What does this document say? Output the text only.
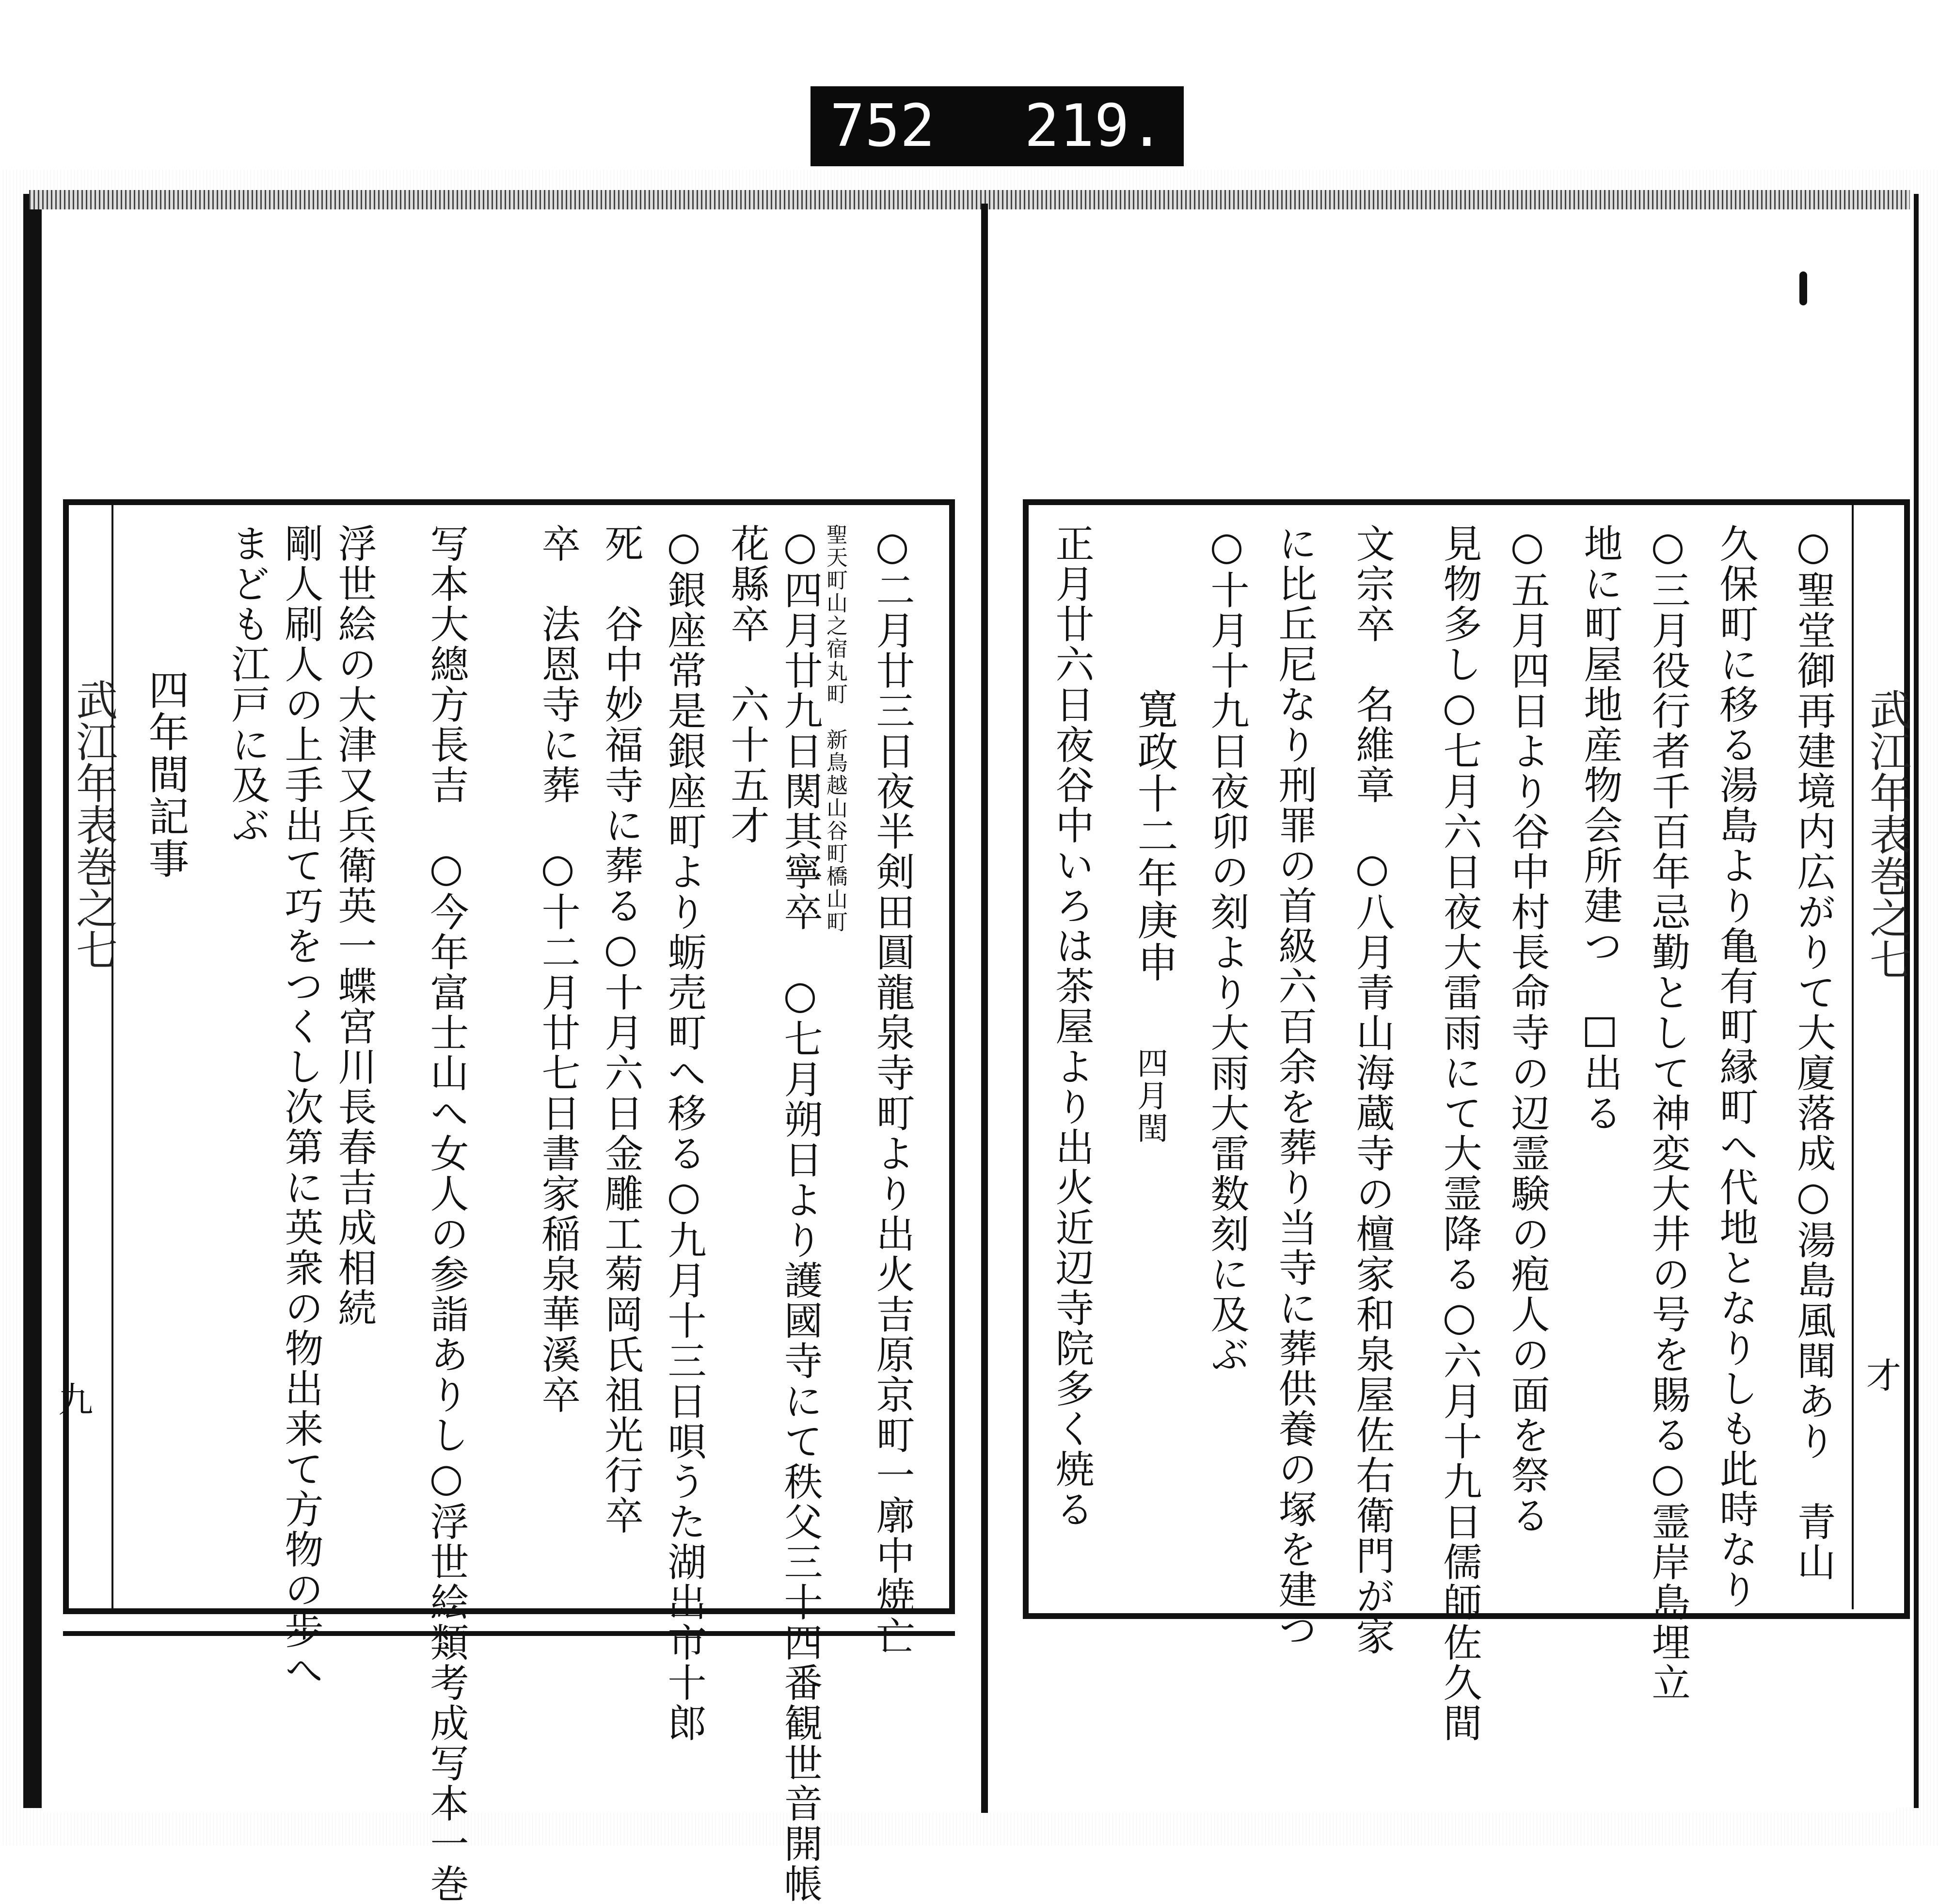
752 219.
武江年表巻之七
九	○二月廿三日夜半剣田圓龍泉寺町より出火吉原京町一廓中焼亡
聖天町山之宿丸町　新鳥越山谷町橋山町
○四月廿九日関其寧卒　○七月朔日より護國寺にて秩父三十四番観世音開帳
花縣卒　六十五才
○銀座常是銀座町より蛎売町へ移る○九月十三日唄うた湖出市十郎
死　谷中妙福寺に葬る○十月六日金雕工菊岡氏祖光行卒
卒　法恩寺に葬　○十二月廿七日書家稲泉華溪卒
写本大總方長吉　○今年富士山へ女人の参詣ありし○浮世絵類考成写本一巻
浮世絵の大津又兵衛英一蝶宮川長春吉成相続
剛人刷人の上手出て巧をつくし次第に英衆の物出来て方物の步へ
まども江戸に及ぶ
四年間記事	武江年表巻之七
才
○聖堂御再建境内広がりて大廈落成○湯島風聞あり　青山
久保町に移る湯島より亀有町縁町へ代地となりしも此時なり
○三月役行者千百年忌勤として神変大井の号を賜る○霊岸島埋立
地に町屋地産物会所建つ　□出る
○五月四日より谷中村長命寺の辺霊験の疱人の面を祭る
見物多し○七月六日夜大雷雨にて大霊降る○六月十九日儒師佐久間
文宗卒　名維章　○八月青山海蔵寺の檀家和泉屋佐右衛門が家
に比丘尼なり刑罪の首級六百余を葬り当寺に葬供養の塚を建つ
○十月十九日夜卯の刻より大雨大雷数刻に及ぶ
寛政十二年庚申
四月閏
正月廿六日夜谷中いろは茶屋より出火近辺寺院多く焼る
